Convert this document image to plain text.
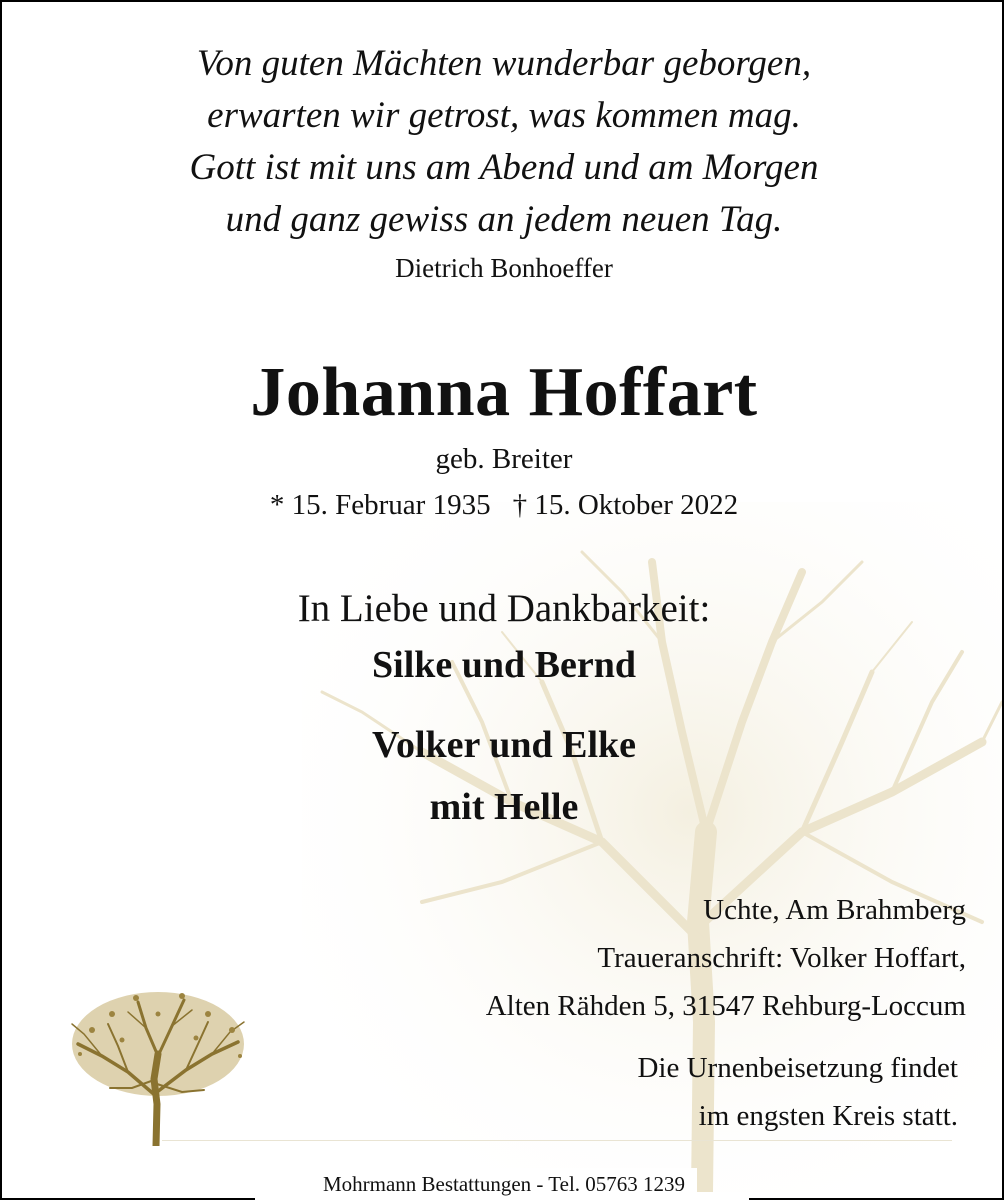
Von guten Mächten wunderbar geborgen,
erwarten wir getrost, was kommen mag.
Gott ist mit uns am Abend und am Morgen
und ganz gewiss an jedem neuen Tag.
Dietrich Bonhoeffer
Johanna Hoffart
geb. Breiter
* 15. Februar 1935 † 15. Oktober 2022
In Liebe und Dankbarkeit:
Silke und Bernd
Volker und Elke
mit Helle
Uchte, Am Brahmberg
Traueranschrift: Volker Hoffart,
Alten Rähden 5, 31547 Rehburg-Loccum
Die Urnenbeisetzung findet
im engsten Kreis statt.
Mohrmann Bestattungen - Tel. 05763 1239
